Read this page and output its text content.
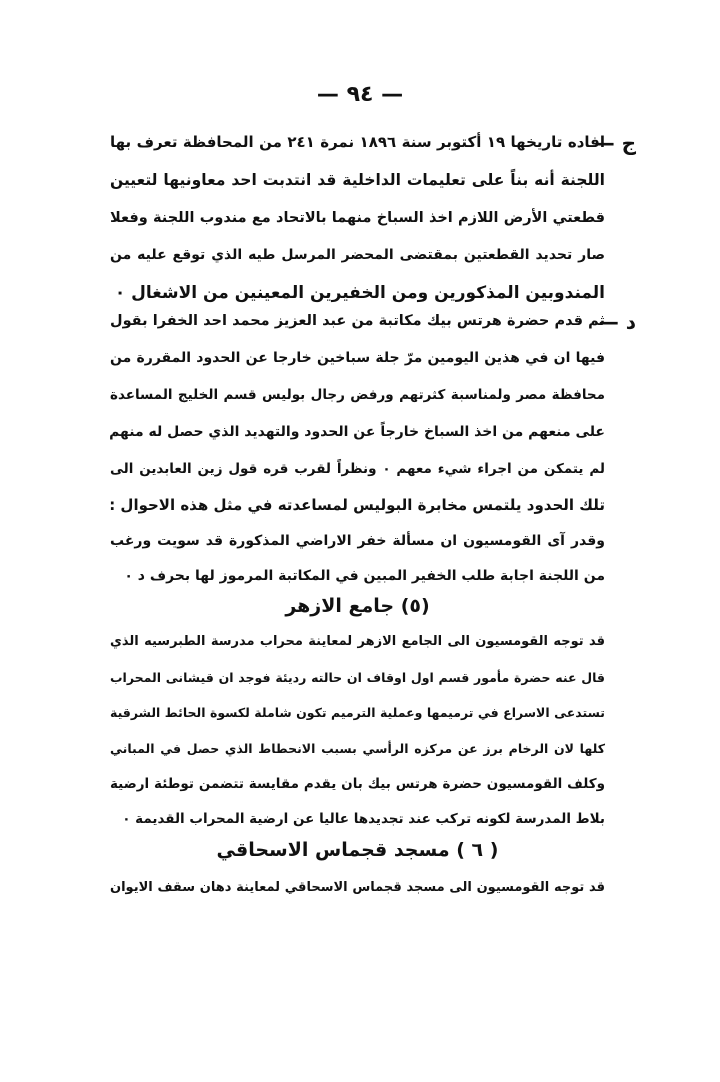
— ٩٤ —
ج —
افاده تاريخها ١٩ أكتوبر سنة ١٨٩٦ نمرة ٢٤١ من المحافظة تعرف بها
اللجنة أنه بناً على تعليمات الداخلية قد انتدبت احد معاونيها لتعيين
قطعتي الأرض اللازم اخذ السباخ منهما بالاتحاد مع مندوب اللجنة وفعلا
صار تحديد القطعتين بمقتضى المحضر المرسل طيه الذي توقع عليه من
المندوبين المذكورين ومن الخفيرين المعينين من الاشغال ٠
د —
ثم قدم حضرة هرتس بيك مكاتبة من عبد العزيز محمد احد الخفرا بقول
فيها ان في هذين اليومين مرّ جلة سباخين خارجا عن الحدود المقررة من
محافظة مصر ولمناسبة كثرتهم ورفض رجال بوليس قسم الخليج المساعدة
على منعهم من اخذ السباخ خارجاً عن الحدود والتهديد الذي حصل له منهم
لم يتمكن من اجراء شيء معهم ٠ ونظراً لقرب قره قول زين العابدين الى
تلك الحدود يلتمس مخابرة البوليس لمساعدته في مثل هذه الاحوال :
وقدر آى القومسيون ان مسألة خفر الاراضي المذكورة قد سويت ورغب
من اللجنة اجابة طلب الخفير المبين في المكاتبة المرموز لها بحرف د ٠
(٥) جامع الازهر
قد توجه القومسيون الى الجامع الازهر لمعاينة محراب مدرسة الطبرسيه الذي
قال عنه حضرة مأمور قسم اول اوقاف ان حالته رديئة فوجد ان قيشانى المحراب
تستدعى الاسراع في ترميمها وعملية الترميم تكون شاملة لكسوة الحائط الشرقية
كلها لان الرخام برز عن مركزه الرأسي بسبب الانحطاط الذي حصل في المباني
وكلف القومسيون حضرة هرتس بيك بان يقدم مقايسة تتضمن توطئة ارضية
بلاط المدرسة لكونه تركب عند تجديدها عاليا عن ارضية المحراب القديمة ٠
( ٦ ) مسجد قجماس الاسحاقي
قد توجه القومسيون الى مسجد قجماس الاسحاقي لمعاينة دهان سقف الايوان
